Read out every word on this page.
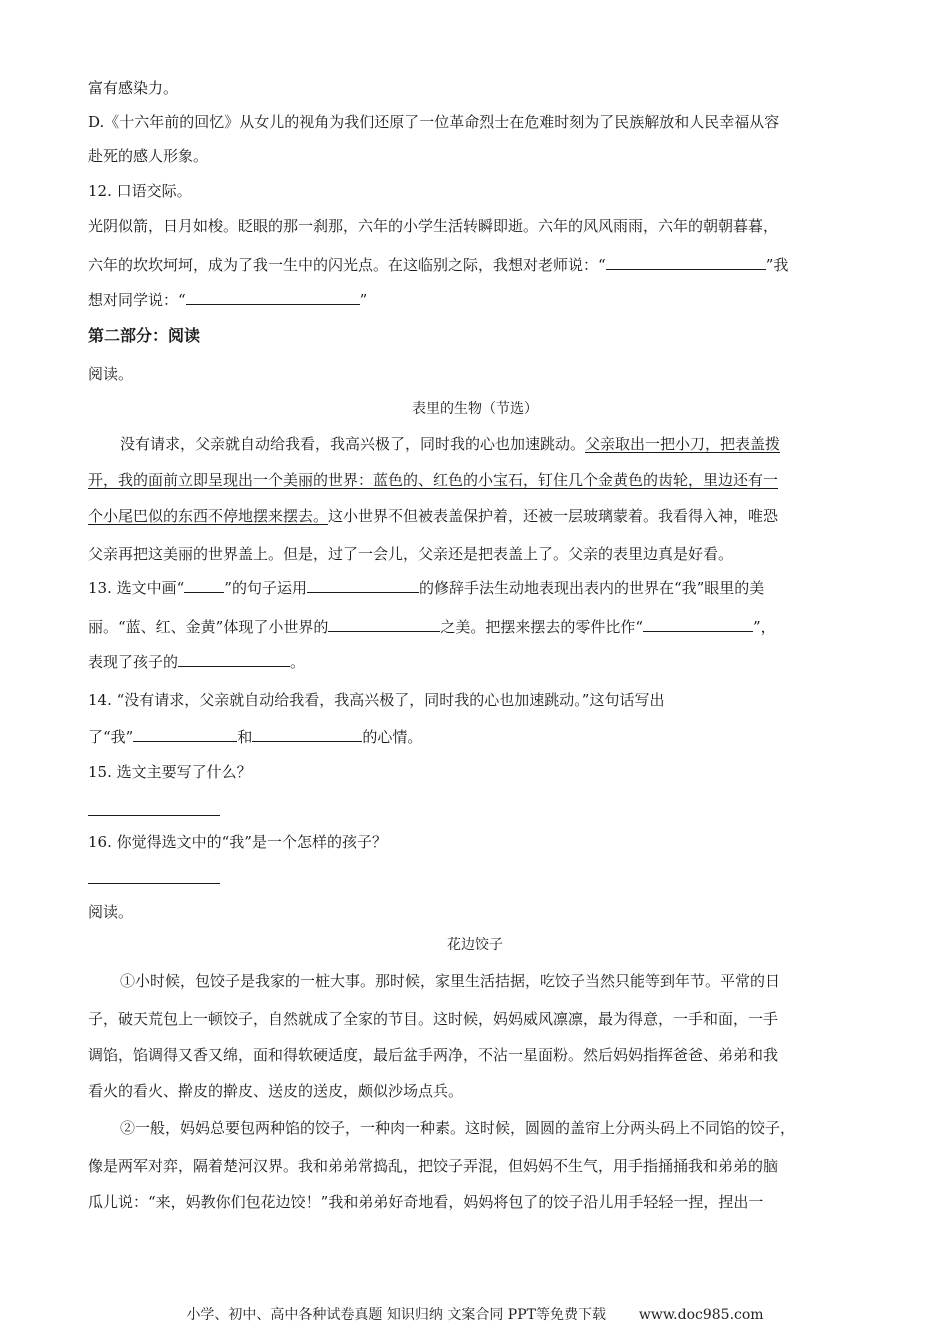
富有感染力。
D.《十六年前的回忆》从女儿的视角为我们还原了一位革命烈士在危难时刻为了民族解放和人民幸福从容
赴死的感人形象。
12. 口语交际。
光阴似箭，日月如梭。眨眼的那一刹那，六年的小学生活转瞬即逝。六年的风风雨雨，六年的朝朝暮暮，
六年的坎坎坷坷，成为了我一生中的闪光点。在这临别之际，我想对老师说：“	”我
想对同学说：“	”
第二部分：阅读
阅读。
表里的生物（节选）
没有请求，父亲就自动给我看，我高兴极了，同时我的心也加速跳动。父亲取出一把小刀，把表盖拨
开，我的面前立即呈现出一个美丽的世界：蓝色的、红色的小宝石，钉住几个金黄色的齿轮，里边还有一
个小尾巴似的东西不停地摆来摆去。这小世界不但被表盖保护着，还被一层玻璃蒙着。我看得入神，唯恐
父亲再把这美丽的世界盖上。但是，过了一会儿，父亲还是把表盖上了。父亲的表里边真是好看。
13. 选文中画“	”的句子运用	的修辞手法生动地表现出表内的世界在“我”眼里的美
丽。“蓝、红、金黄”体现了小世界的	之美。把摆来摆去的零件比作“	”，
表现了孩子的	。
14. “没有请求，父亲就自动给我看，我高兴极了，同时我的心也加速跳动。”这句话写出
了“我”	和	的心情。
15. 选文主要写了什么？
16. 你觉得选文中的“我”是一个怎样的孩子？
阅读。
花边饺子
①小时候，包饺子是我家的一桩大事。那时候，家里生活拮据，吃饺子当然只能等到年节。平常的日
子，破天荒包上一顿饺子，自然就成了全家的节目。这时候，妈妈威风凛凛，最为得意，一手和面，一手
调馅，馅调得又香又绵，面和得软硬适度，最后盆手两净，不沾一星面粉。然后妈妈指挥爸爸、弟弟和我
看火的看火、擀皮的擀皮、送皮的送皮，颇似沙场点兵。
②一般，妈妈总要包两种馅的饺子，一种肉一种素。这时候，圆圆的盖帘上分两头码上不同馅的饺子，
像是两军对弈，隔着楚河汉界。我和弟弟常捣乱，把饺子弄混，但妈妈不生气，用手指捅捅我和弟弟的脑
瓜儿说：“来，妈教你们包花边饺！”我和弟弟好奇地看，妈妈将包了的饺子沿儿用手轻轻一捏，捏出一
小学、初中、高中各种试卷真题 知识归纳 文案合同 PPT等免费下载 www.doc985.com
